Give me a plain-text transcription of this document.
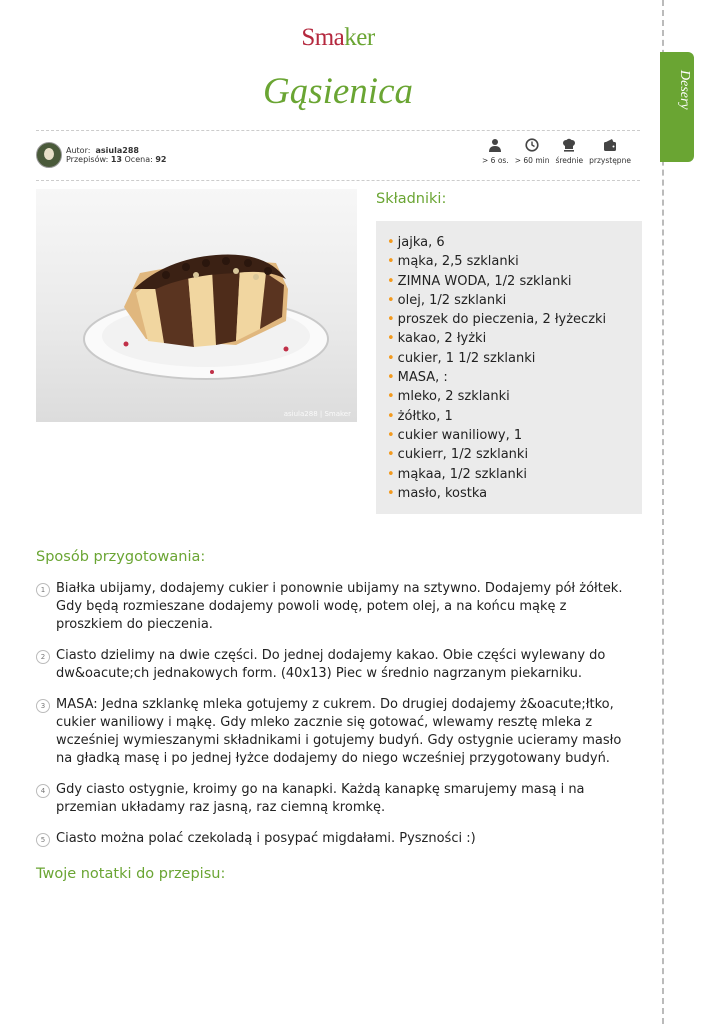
Desery
Smaker
Gąsienica
Autor: asiula288
Przepisów: 13 Ocena: 92	> 6 os. > 60 min średnie przystępne
asiula288 | Smaker
Składniki:
• jajka, 6
• mąka, 2,5 szklanki
• ZIMNA WODA, 1/2 szklanki
• olej, 1/2 szklanki
• proszek do pieczenia, 2 łyżeczki
• kakao, 2 łyżki
• cukier, 1 1/2 szklanki
• MASA, :
• mleko, 2 szklanki
• żółtko, 1
• cukier waniliowy, 1
• cukierr, 1/2 szklanki
• mąkaa, 1/2 szklanki
• masło, kostka
Sposób przygotowania:
1 Białka ubijamy, dodajemy cukier i ponownie ubijamy na sztywno. Dodajemy pół żółtek. Gdy będą rozmieszane dodajemy powoli wodę, potem olej, a na końcu mąkę z proszkiem do pieczenia.
2 Ciasto dzielimy na dwie części. Do jednej dodajemy kakao. Obie części wylewany do dw&oacute;ch jednakowych form. (40x13) Piec w średnio nagrzanym piekarniku.
3 MASA: Jedna szklankę mleka gotujemy z cukrem. Do drugiej dodajemy ż&oacute;łtko, cukier waniliowy i mąkę. Gdy mleko zacznie się gotować, wlewamy resztę mleka z wcześniej wymieszanymi składnikami i gotujemy budyń. Gdy ostygnie ucieramy masło na gładką masę i po jednej łyżce dodajemy do niego wcześniej przygotowany budyń.
4 Gdy ciasto ostygnie, kroimy go na kanapki. Każdą kanapkę smarujemy masą i na przemian układamy raz jasną, raz ciemną kromkę.
5 Ciasto można polać czekoladą i posypać migdałami. Pyszności :)
Twoje notatki do przepisu:
